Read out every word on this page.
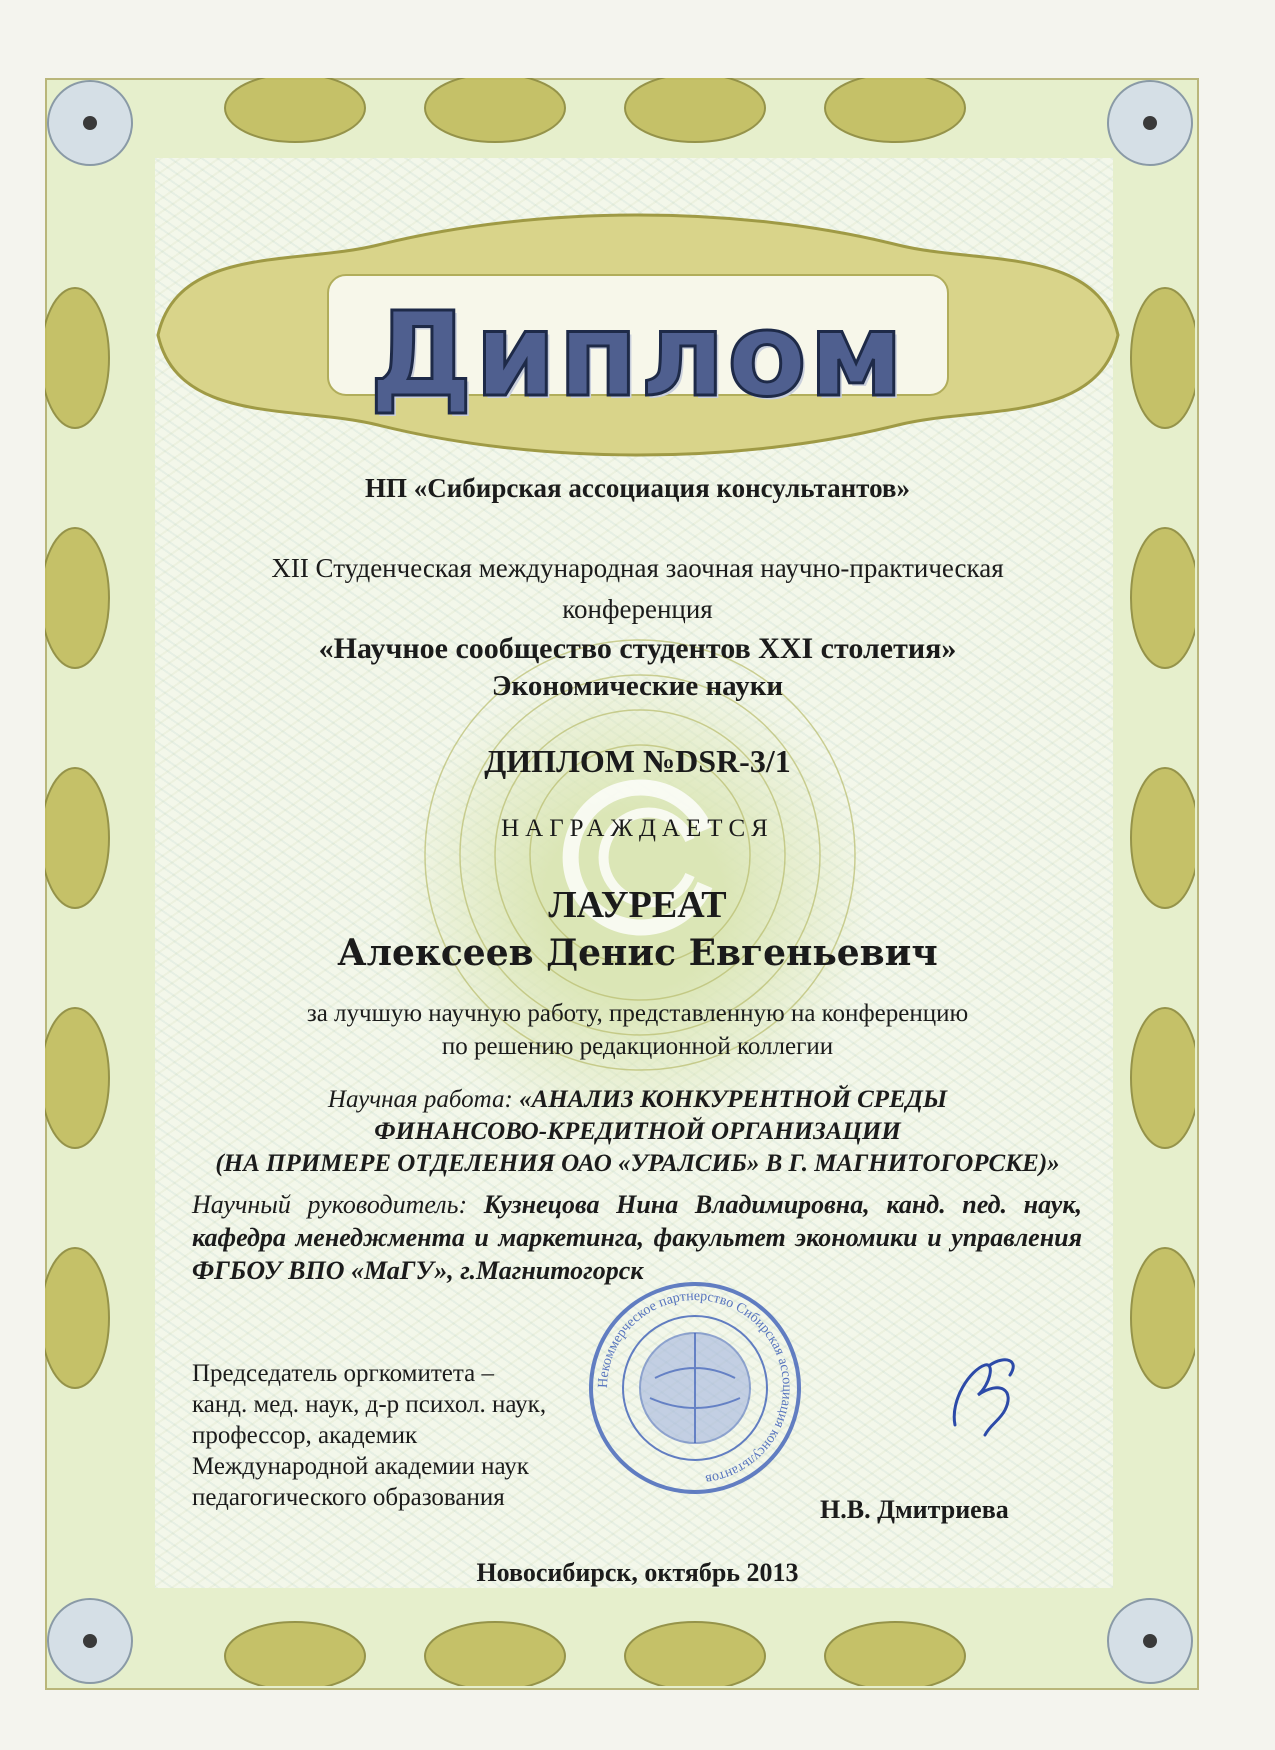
Диплом
НП «Сибирская ассоциация консультантов»
XII Студенческая международная заочная научно-практическая
конференция
«Научное сообщество студентов XXI столетия»
Экономические науки
ДИПЛОМ №DSR-3/1
НАГРАЖДАЕТСЯ
ЛАУРЕАТ
Алексеев Денис Евгеньевич
за лучшую научную работу, представленную на конференцию
по решению редакционной коллегии
Научная работа: «АНАЛИЗ КОНКУРЕНТНОЙ СРЕДЫ
ФИНАНСОВО-КРЕДИТНОЙ ОРГАНИЗАЦИИ
(НА ПРИМЕРЕ ОТДЕЛЕНИЯ ОАО «УРАЛСИБ» В Г. МАГНИТОГОРСКЕ)»
Научный руководитель: Кузнецова Нина Владимировна, канд. пед. наук, кафедра менеджмента и маркетинга, факультет экономики и управления ФГБОУ ВПО «МаГУ», г.Магнитогорск
Председатель оргкомитета –
канд. мед. наук, д-р психол. наук,
профессор, академик
Международной академии наук
педагогического образования
Некоммерческое партнерство Сибирская ассоциация консультантов
Н.В. Дмитриева
Новосибирск, октябрь 2013
